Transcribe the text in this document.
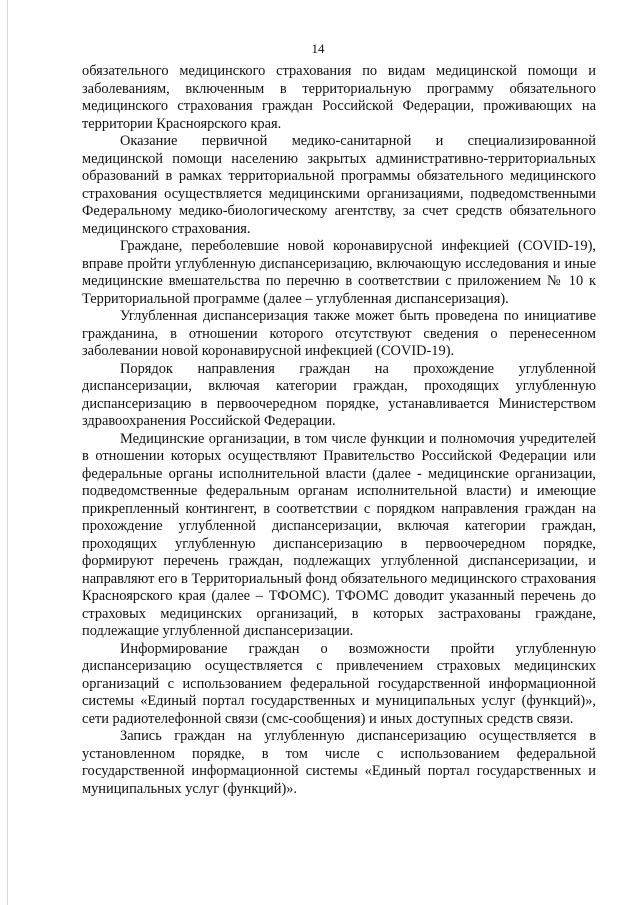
14

обязательного медицинского страхования по видам медицинской помощи и заболеваниям, включенным в территориальную программу обязательного медицинского страхования граждан Российской Федерации, проживающих на территории Красноярского края.

Оказание первичной медико-санитарной и специализированной медицинской помощи населению закрытых административно-территориальных образований в рамках территориальной программы обязательного медицинского страхования осуществляется медицинскими организациями, подведомственными Федеральному медико-биологическому агентству, за счет средств обязательного медицинского страхования.

Граждане, переболевшие новой коронавирусной инфекцией (COVID-19), вправе пройти углубленную диспансеризацию, включающую исследования и иные медицинские вмешательства по перечню в соответствии с приложением № 10 к Территориальной программе (далее – углубленная диспансеризация).

Углубленная диспансеризация также может быть проведена по инициативе гражданина, в отношении которого отсутствуют сведения о перенесенном заболевании новой коронавирусной инфекцией (COVID-19).

Порядок направления граждан на прохождение углубленной диспансеризации, включая категории граждан, проходящих углубленную диспансеризацию в первоочередном порядке, устанавливается Министерством здравоохранения Российской Федерации.

Медицинские организации, в том числе функции и полномочия учредителей в отношении которых осуществляют Правительство Российской Федерации или федеральные органы исполнительной власти (далее - медицинские организации, подведомственные федеральным органам исполнительной власти) и имеющие прикрепленный контингент, в соответствии с порядком направления граждан на прохождение углубленной диспансеризации, включая категории граждан, проходящих углубленную диспансеризацию в первоочередном порядке, формируют перечень граждан, подлежащих углубленной диспансеризации, и направляют его в Территориальный фонд обязательного медицинского страхования Красноярского края (далее – ТФОМС). ТФОМС доводит указанный перечень до страховых медицинских организаций, в которых застрахованы граждане, подлежащие углубленной диспансеризации.

Информирование граждан о возможности пройти углубленную диспансеризацию осуществляется с привлечением страховых медицинских организаций с использованием федеральной государственной информационной системы «Единый портал государственных и муниципальных услуг (функций)», сети радиотелефонной связи (смс-сообщения) и иных доступных средств связи.

Запись граждан на углубленную диспансеризацию осуществляется в установленном порядке, в том числе с использованием федеральной государственной информационной системы «Единый портал государственных и муниципальных услуг (функций)».
